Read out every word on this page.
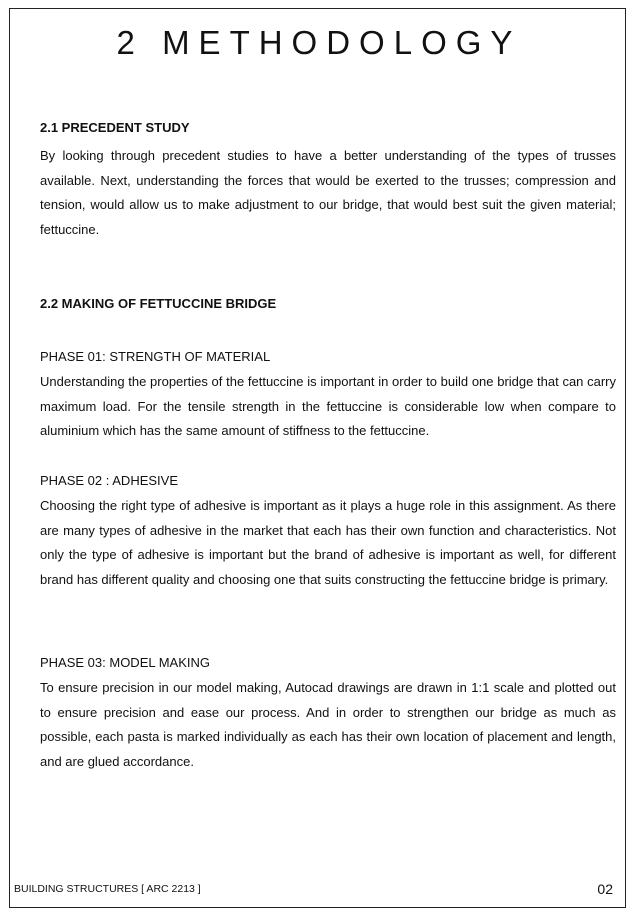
2 METHODOLOGY

2.1 PRECEDENT STUDY

By looking through precedent studies to have a better understanding of the types of trusses available. Next, understanding the forces that would be exerted to the trusses; compression and tension, would allow us to make adjustment to our bridge, that would best suit the given material; fettuccine.

2.2 MAKING OF FETTUCCINE BRIDGE

PHASE 01: STRENGTH OF MATERIAL

Understanding the properties of the fettuccine is important in order to build one bridge that can carry maximum load. For the tensile strength in the fettuccine is considerable low when compare to aluminium which has the same amount of stiffness to the fettuccine.

PHASE 02 : ADHESIVE

Choosing the right type of adhesive is important as it plays a huge role in this assignment. As there are many types of adhesive in the market that each has their own function and characteristics. Not only the type of adhesive is important but the brand of adhesive is important as well, for different brand has different quality and choosing one that suits constructing the fettuccine bridge is primary.

PHASE 03: MODEL MAKING

To ensure precision in our model making, Autocad drawings are drawn in 1:1 scale and plotted out to ensure precision and ease our process. And in order to strengthen our bridge as much as possible, each pasta is marked individually as each has their own location of placement and length, and are glued accordance.

BUILDING STRUCTURES [ ARC 2213 ]	02
